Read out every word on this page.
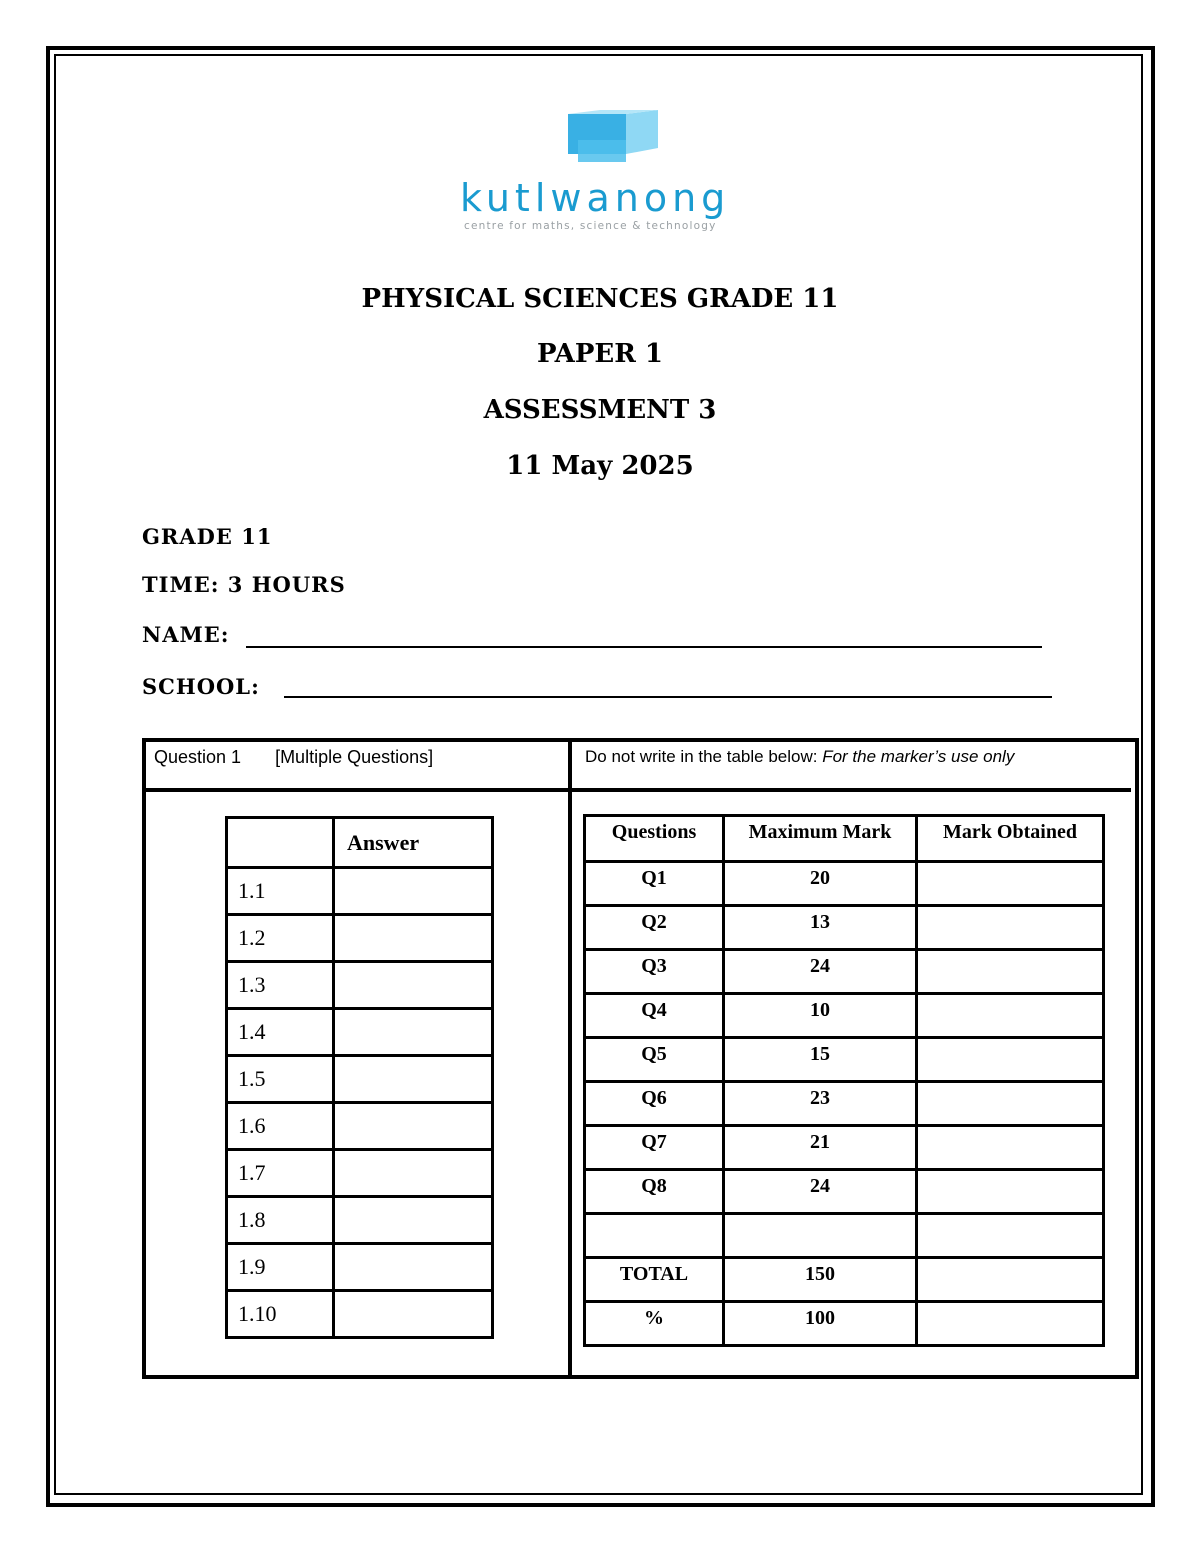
kutlwanong
centre for maths, science & technology
PHYSICAL SCIENCES GRADE 11
PAPER 1
ASSESSMENT 3
11 May 2025
GRADE 11
TIME: 3 HOURS
NAME:
SCHOOL:
Question 1 [Multiple Questions]	Do not write in the table below: For the marker’s use only
	Answer
1.1	
1.2	
1.3	
1.4	
1.5	
1.6	
1.7	
1.8	
1.9	
1.10	
Questions	Maximum Mark	Mark Obtained
Q1	20	
Q2	13	
Q3	24	
Q4	10	
Q5	15	
Q6	23	
Q7	21	
Q8	24	

TOTAL	150	
%	100	
